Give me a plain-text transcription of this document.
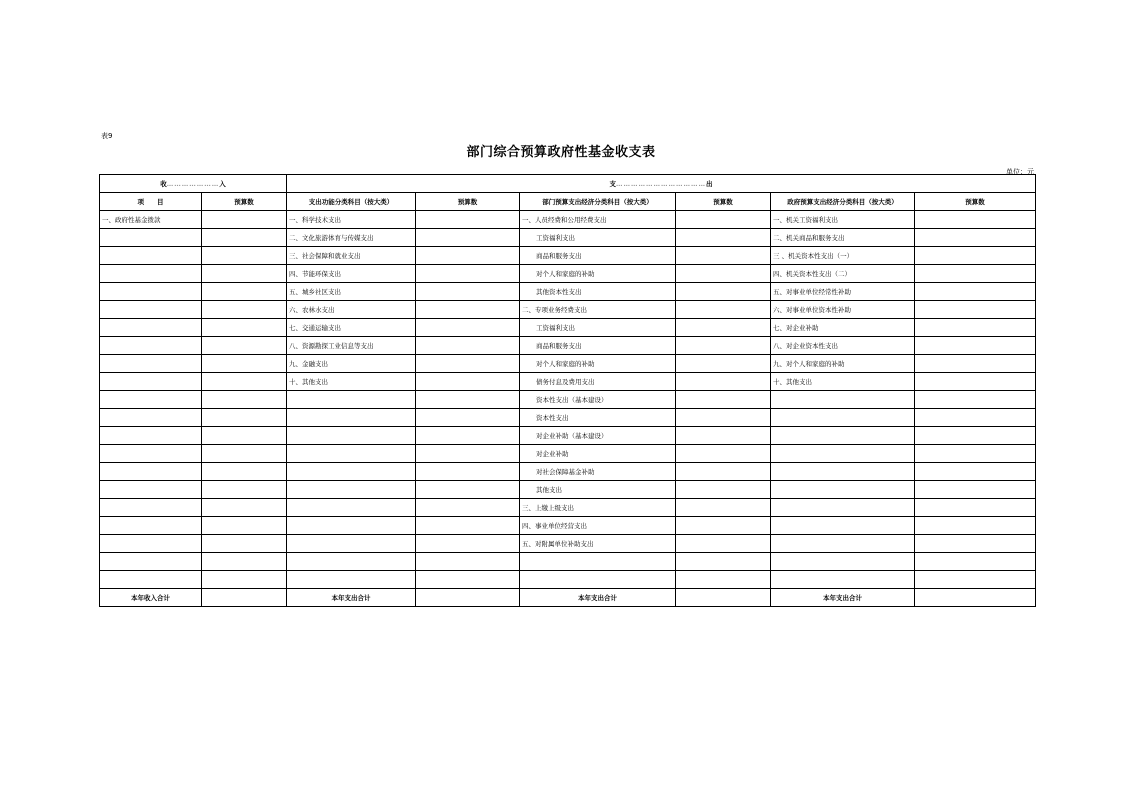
表9
部门综合预算政府性基金收支表
单位：元
收…………………入		支………………………………出					
项　　目	预算数	支出功能分类科目（按大类）	预算数	部门预算支出经济分类科目（按大类）	预算数	政府预算支出经济分类科目（按大类）	预算数
一、政府性基金拨款		一、科学技术支出		一、人员经费和公用经费支出		一、机关工资福利支出	
		二、文化旅游体育与传媒支出		工资福利支出		二、机关商品和服务支出	
		三、社会保障和就业支出		商品和服务支出		三 、机关资本性支出（一）	
		四、节能环保支出		对个人和家庭的补助		四、机关资本性支出（二）	
		五、城乡社区支出		其他资本性支出		五、对事业单位经常性补助	
		六、农林水支出		二、专项业务经费支出		六、对事业单位资本性补助	
		七、交通运输支出		工资福利支出		七、对企业补助	
		八、资源勘探工业信息等支出		商品和服务支出		八、对企业资本性支出	
		九、金融支出		对个人和家庭的补助		九、对个人和家庭的补助	
		十、其他支出		债务付息及费用支出		十、其他支出	
				资本性支出（基本建设）			
				资本性支出			
				对企业补助（基本建设）			
				对企业补助			
				对社会保障基金补助			
				其他支出			
				三、上缴上级支出			
				四、事业单位经营支出			
				五、对附属单位补助支出			

本年收入合计		本年支出合计		本年支出合计		本年支出合计	
